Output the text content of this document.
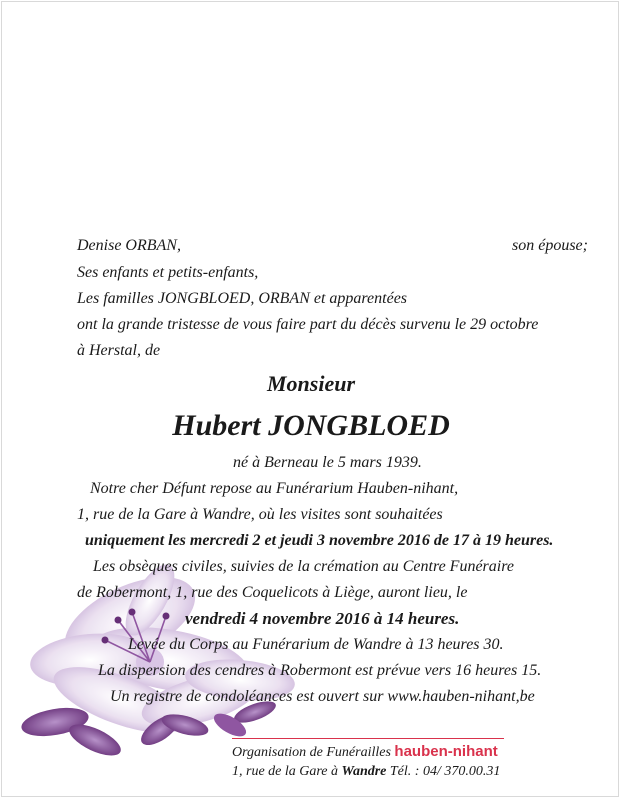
Denise ORBAN,	son épouse;
Ses enfants et petits-enfants,
Les familles JONGBLOED, ORBAN et apparentées
ont la grande tristesse de vous faire part du décès survenu le 29 octobre
à Herstal, de
Monsieur
Hubert JONGBLOED
né à Berneau le 5 mars 1939.
Notre cher Défunt repose au Funérarium Hauben-nihant,
1, rue de la Gare à Wandre, où les visites sont souhaitées
uniquement les mercredi 2 et jeudi 3 novembre 2016 de 17 à 19 heures.
Les obsèques civiles, suivies de la crémation au Centre Funéraire
de Robermont, 1, rue des Coquelicots à Liège, auront lieu, le
vendredi 4 novembre 2016 à 14 heures.
Levée du Corps au Funérarium de Wandre à 13 heures 30.
La dispersion des cendres à Robermont est prévue vers 16 heures 15.
Un registre de condoléances est ouvert sur www.hauben-nihant,be
Organisation de Funérailles hauben-nihant
1, rue de la Gare à Wandre Tél. : 04/ 370.00.31
